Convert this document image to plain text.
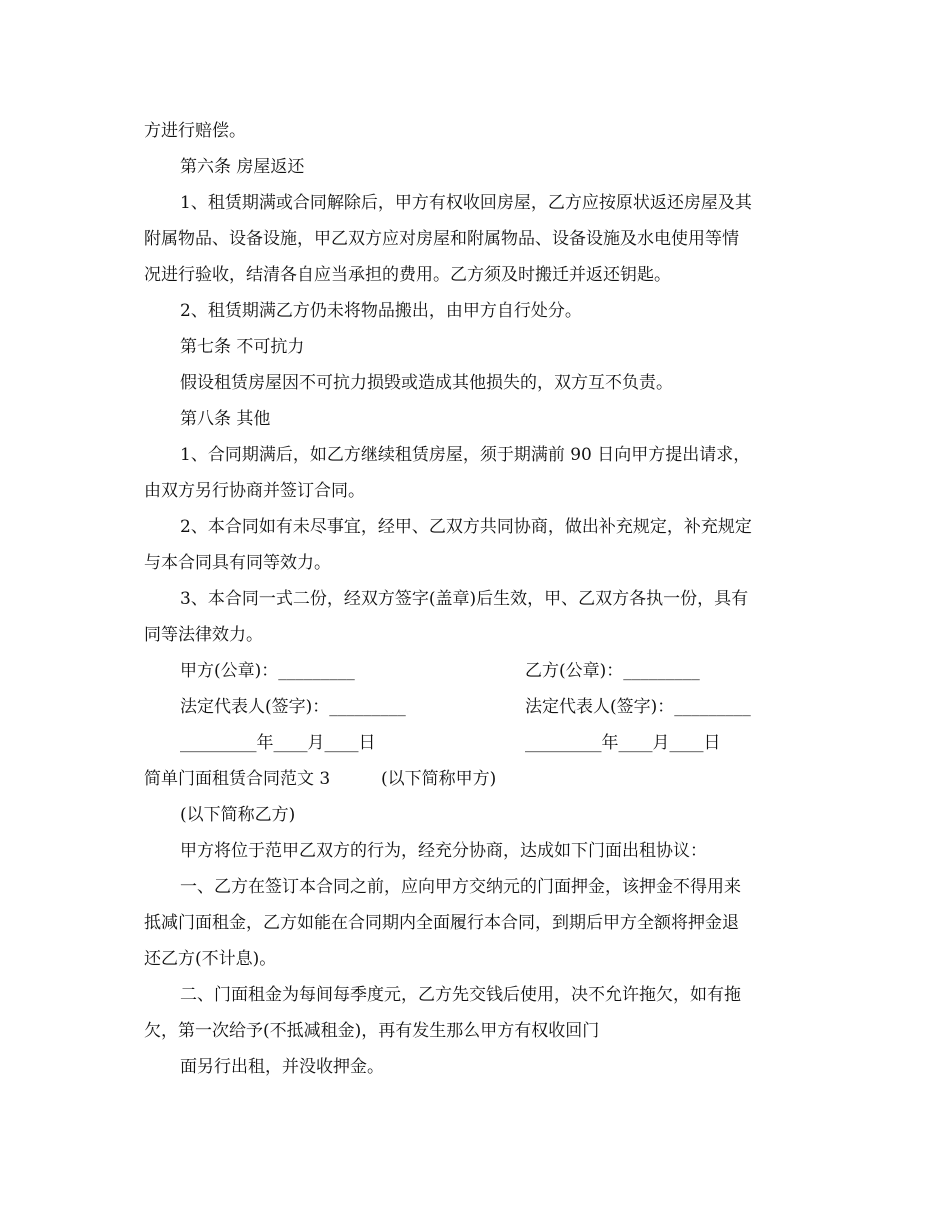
方进行赔偿。
第六条 房屋返还
1、租赁期满或合同解除后，甲方有权收回房屋，乙方应按原状返还房屋及其
附属物品、设备设施，甲乙双方应对房屋和附属物品、设备设施及水电使用等情
况进行验收，结清各自应当承担的费用。乙方须及时搬迁并返还钥匙。
2、租赁期满乙方仍未将物品搬出，由甲方自行处分。
第七条 不可抗力
假设租赁房屋因不可抗力损毁或造成其他损失的，双方互不负责。
第八条 其他
1、合同期满后，如乙方继续租赁房屋，须于期满前 90 日向甲方提出请求，
由双方另行协商并签订合同。
2、本合同如有未尽事宜，经甲、乙双方共同协商，做出补充规定，补充规定
与本合同具有同等效力。
3、本合同一式二份，经双方签字(盖章)后生效，甲、乙双方各执一份，具有
同等法律效力。
甲方(公章)：_________	乙方(公章)：_________
法定代表人(签字)：_________	法定代表人(签字)：_________
_________年____月____日	_________年____月____日
简单门面租赁合同范文 3	(以下简称甲方)
(以下简称乙方)
甲方将位于范甲乙双方的行为，经充分协商，达成如下门面出租协议：
一、乙方在签订本合同之前，应向甲方交纳元的门面押金，该押金不得用来
抵减门面租金，乙方如能在合同期内全面履行本合同，到期后甲方全额将押金退
还乙方(不计息)。
二、门面租金为每间每季度元，乙方先交钱后使用，决不允许拖欠，如有拖
欠，第一次给予(不抵减租金)，再有发生那么甲方有权收回门
面另行出租，并没收押金。
